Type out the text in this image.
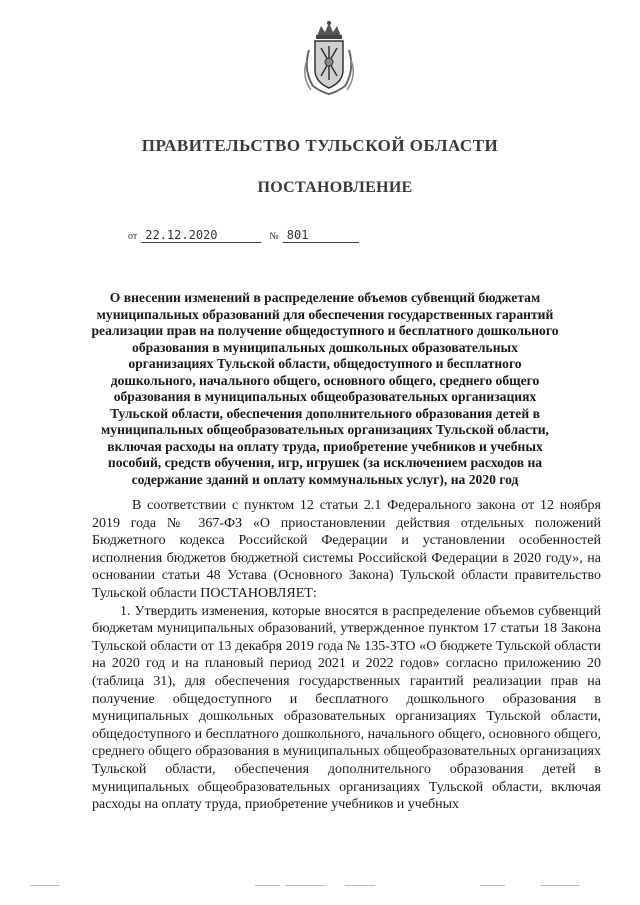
ПРАВИТЕЛЬСТВО ТУЛЬСКОЙ ОБЛАСТИ
ПОСТАНОВЛЕНИЕ
от 22.12.2020	№ 801
О внесении изменений в распределение объемов субвенций бюджетам муниципальных образований для обеспечения государственных гарантий реализации прав на получение общедоступного и бесплатного дошкольного образования в муниципальных дошкольных образовательных организациях Тульской области, общедоступного и бесплатного дошкольного, начального общего, основного общего, среднего общего образования в муниципальных общеобразовательных организациях Тульской области, обеспечения дополнительного образования детей в муниципальных общеобразовательных организациях Тульской области, включая расходы на оплату труда, приобретение учебников и учебных пособий, средств обучения, игр, игрушек (за исключением расходов на содержание зданий и оплату коммунальных услуг), на 2020 год

В соответствии с пунктом 12 статьи 2.1 Федерального закона от 12 ноября 2019 года № 367-ФЗ «О приостановлении действия отдельных положений Бюджетного кодекса Российской Федерации и установлении особенностей исполнения бюджетов бюджетной системы Российской Федерации в 2020 году», на основании статьи 48 Устава (Основного Закона) Тульской области правительство Тульской области ПОСТАНОВЛЯЕТ:

1. Утвердить изменения, которые вносятся в распределение объемов субвенций бюджетам муниципальных образований, утвержденное пунктом 17 статьи 18 Закона Тульской области от 13 декабря 2019 года № 135-ЗТО «О бюджете Тульской области на 2020 год и на плановый период 2021 и 2022 годов» согласно приложению 20 (таблица 31), для обеспечения государственных гарантий реализации прав на получение общедоступного и бесплатного дошкольного образования в муниципальных дошкольных образовательных организациях Тульской области, общедоступного и бесплатного дошкольного, начального общего, основного общего, среднего общего образования в муниципальных общеобразовательных организациях Тульской области, обеспечения дополнительного образования детей в муниципальных общеобразовательных организациях Тульской области, включая расходы на оплату труда, приобретение учебников и учебных
